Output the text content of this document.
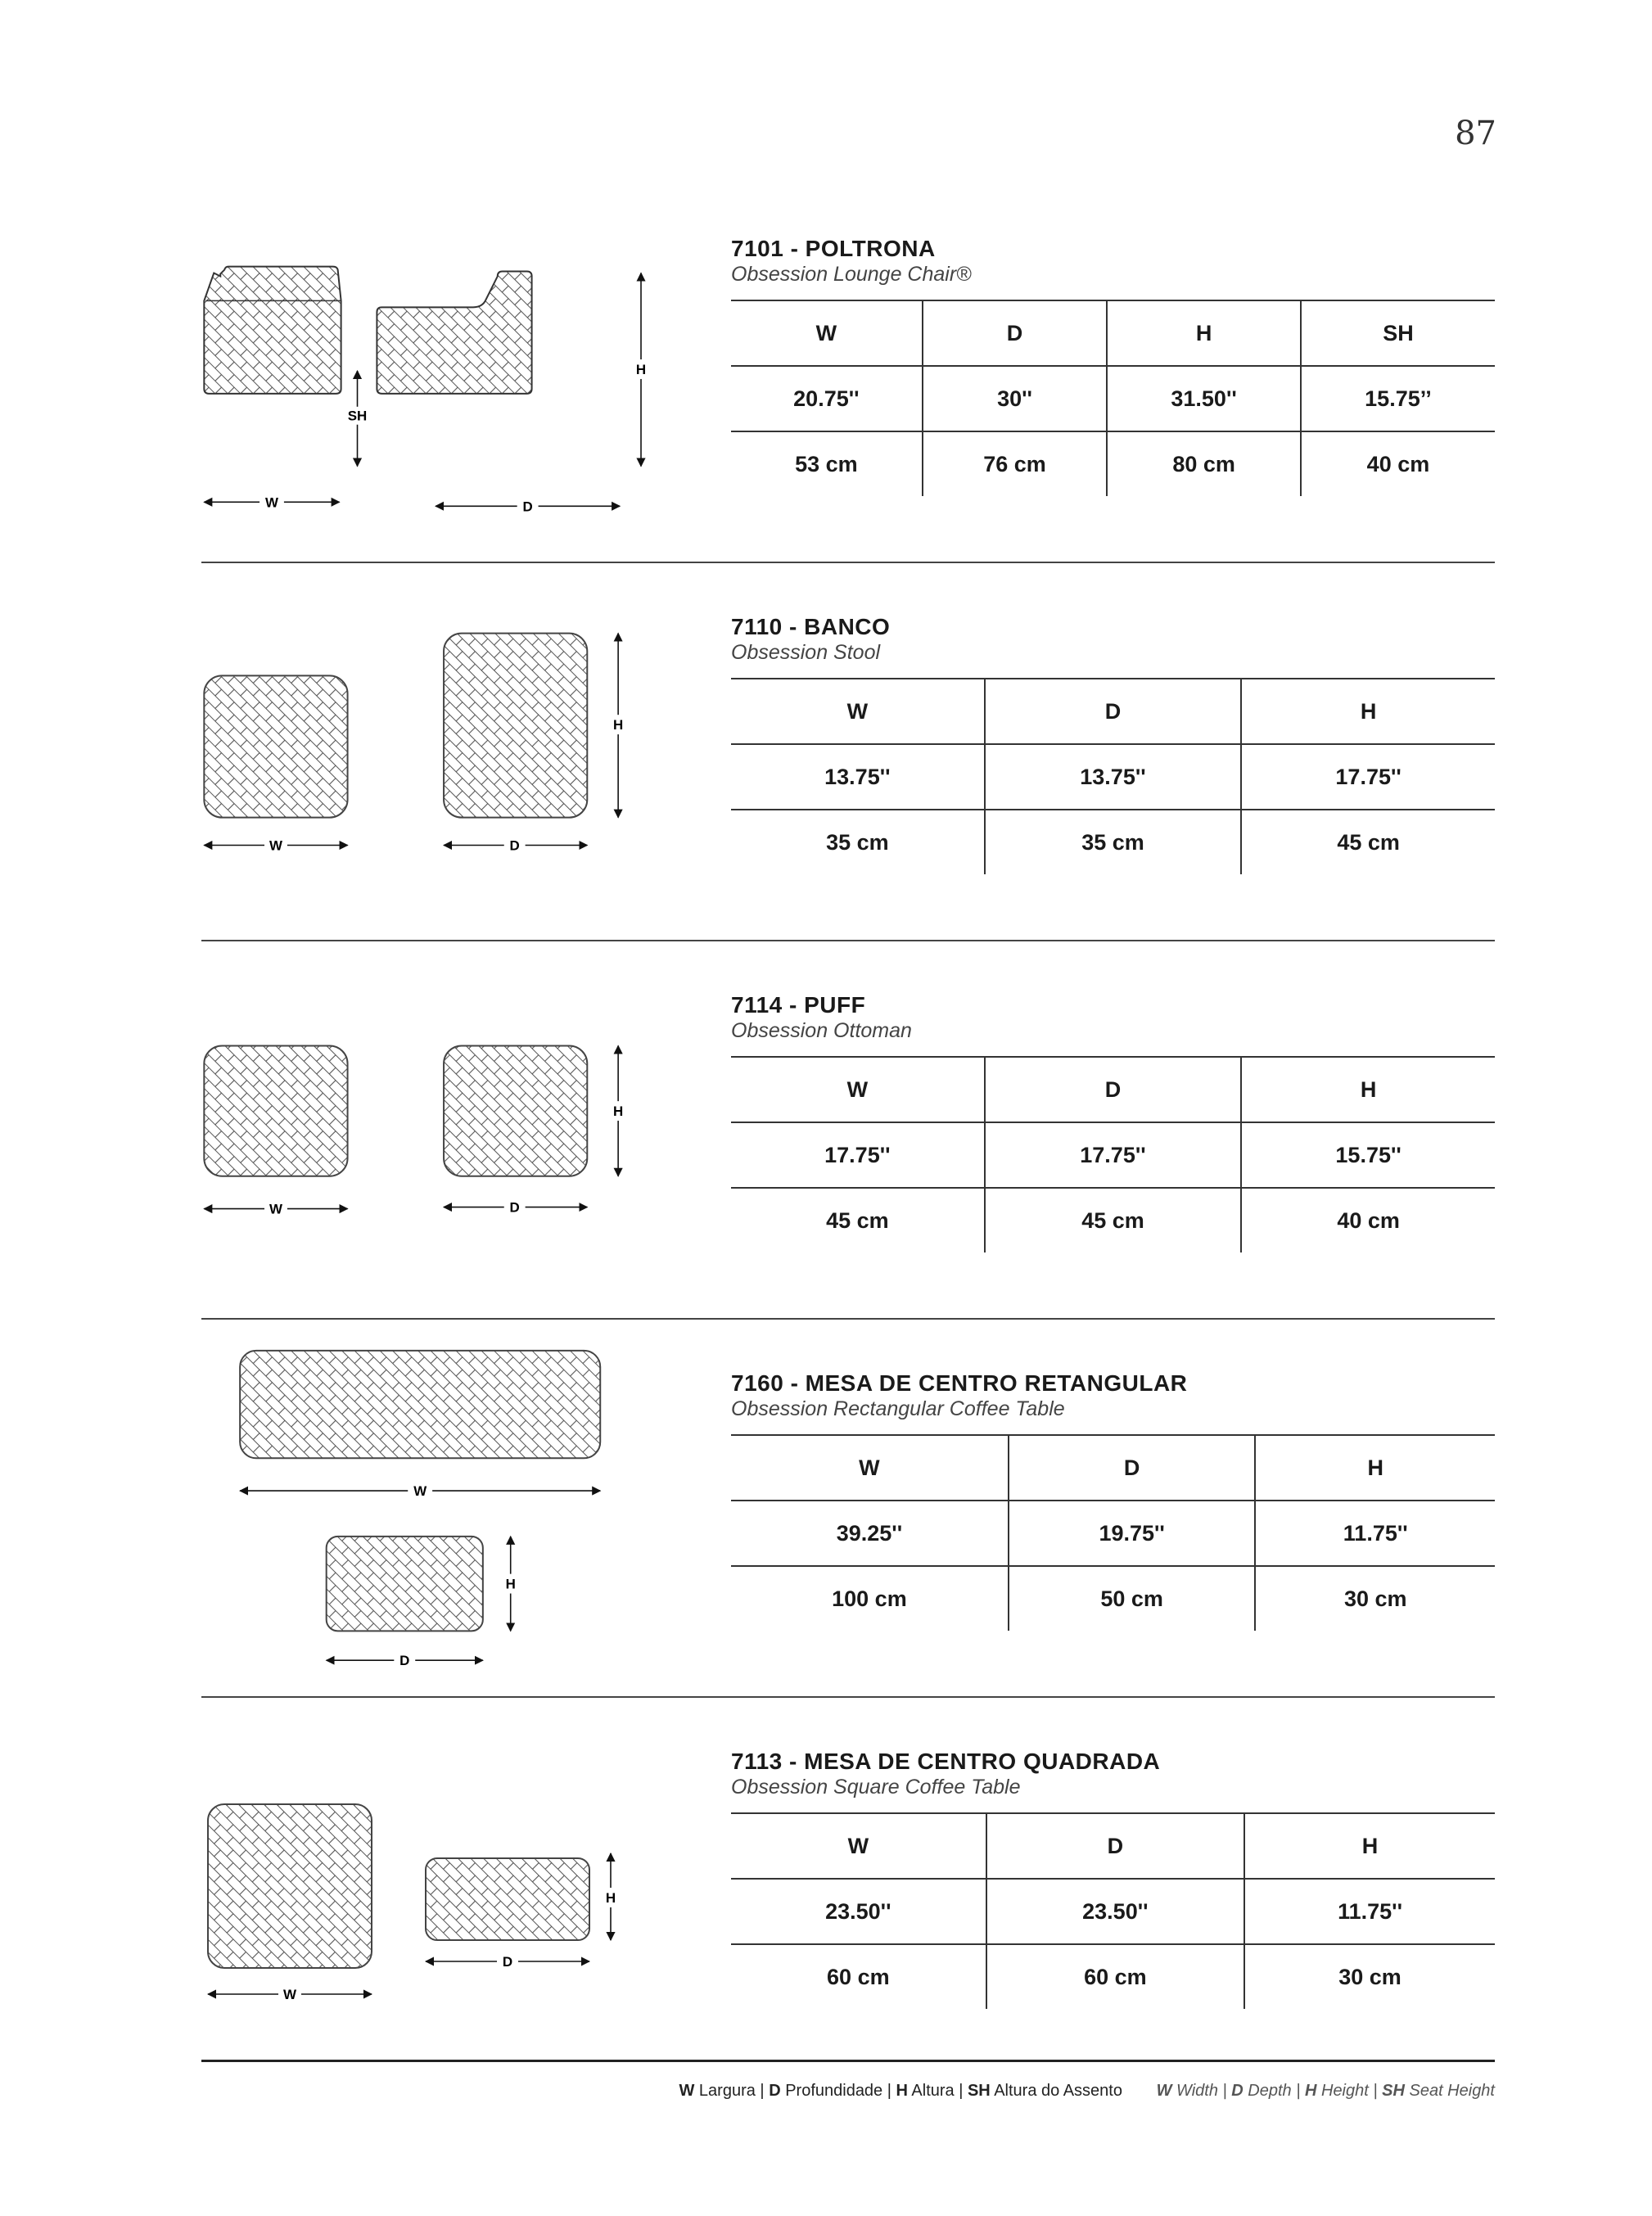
87
W
SH
H
D

7101 - POLTRONA

Obsession Lounge Chair®

W	D	H	SH
20.75''	30''	31.50''	15.75’’
53 cm	76 cm	80 cm	40 cm
W	D
H

7110 - BANCO

Obsession Stool

W	D	H
13.75''	13.75''	17.75''
35 cm	35 cm	45 cm
W	D
H

7114 - PUFF

Obsession Ottoman

W	D	H
17.75''	17.75''	15.75''
45 cm	45 cm	40 cm
W
H
D

7160 - MESA DE CENTRO RETANGULAR

Obsession Rectangular Coffee Table

W	D	H
39.25''	19.75''	11.75''
100 cm	50 cm	30 cm
W
D
H

7113 - MESA DE CENTRO QUADRADA

Obsession Square Coffee Table

W	D	H
23.50''	23.50''	11.75''
60 cm	60 cm	30 cm
W Largura | D Profundidade | H Altura | SH Altura do Assento W Width | D Depth | H Height | SH Seat Height
